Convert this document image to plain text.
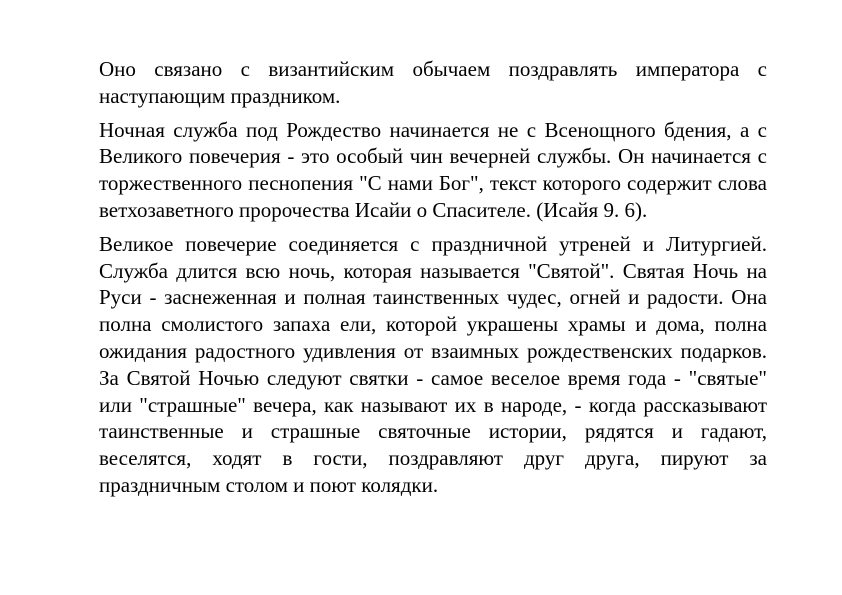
Оно связано с византийским обычаем поздравлять императора с наступающим праздником.

Ночная служба под Рождество начинается не с Всенощного бдения, а с Великого повечерия - это особый чин вечерней службы. Он начинается с торжественного песнопения "С нами Бог", текст которого содержит слова ветхозаветного пророчества Исайи о Спасителе. (Исайя 9. 6).

Великое повечерие соединяется с праздничной утреней и Литургией. Служба длится всю ночь, которая называется "Святой". Святая Ночь на Руси - заснеженная и полная таинственных чудес, огней и радости. Она полна смолистого запаха ели, которой украшены храмы и дома, полна ожидания радостного удивления от взаимных рождественских подарков. За Святой Ночью следуют святки - самое веселое время года - "святые" или "страшные" вечера, как называют их в народе, - когда рассказывают таинственные и страшные святочные истории, рядятся и гадают, веселятся, ходят в гости, поздравляют друг друга, пируют за праздничным столом и поют колядки.
